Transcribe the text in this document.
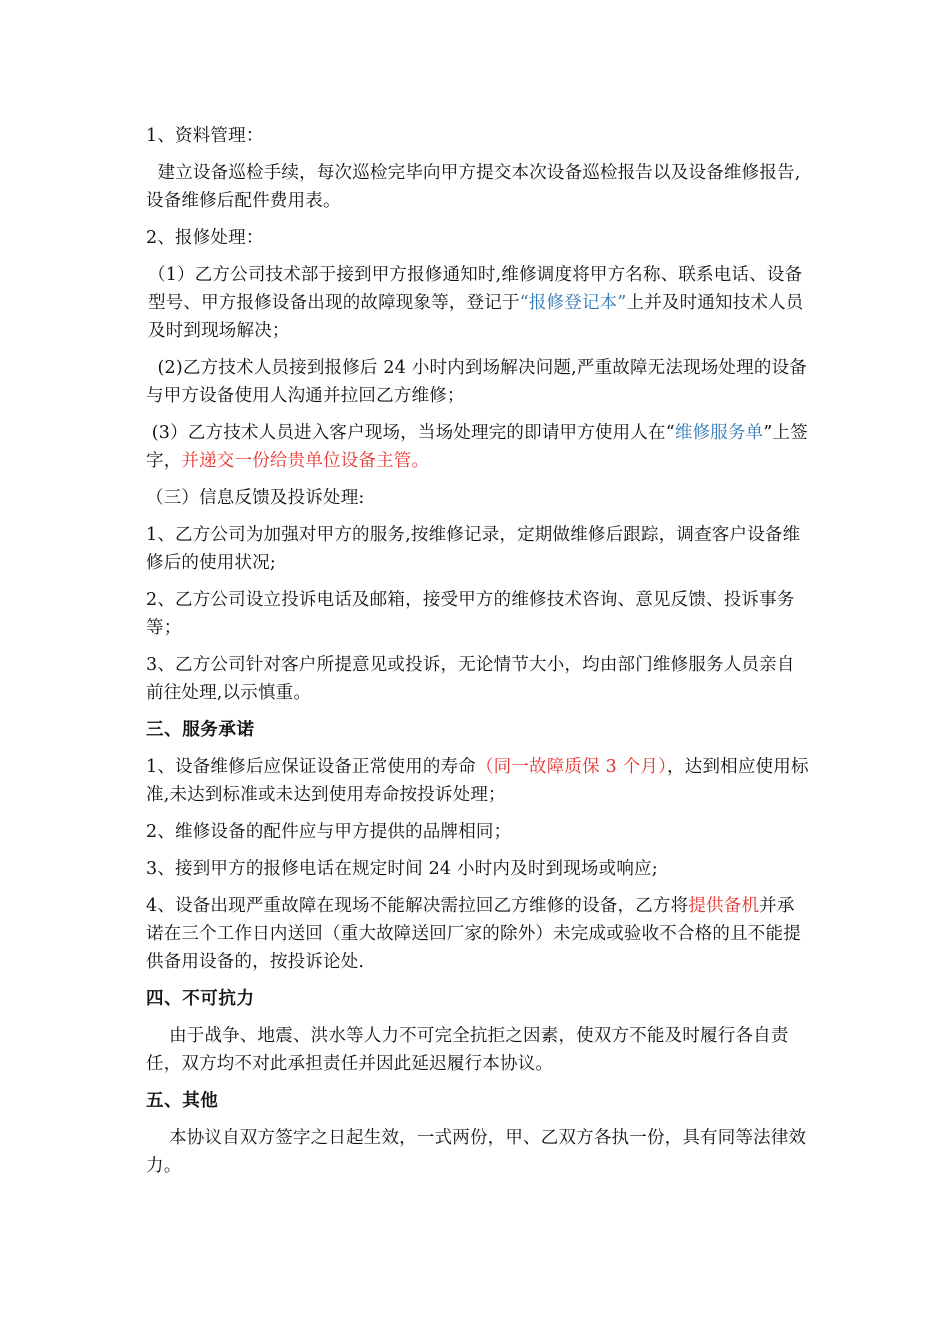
1、资料管理：

建立设备巡检手续，每次巡检完毕向甲方提交本次设备巡检报告以及设备维修报告,设备维修后配件费用表。

2、报修处理：

（1）乙方公司技术部于接到甲方报修通知时,维修调度将甲方名称、联系电话、设备型号、甲方报修设备出现的故障现象等，登记于“报修登记本”上并及时通知技术人员及时到现场解决；

(2)乙方技术人员接到报修后 24 小时内到场解决问题,严重故障无法现场处理的设备与甲方设备使用人沟通并拉回乙方维修；

(3）乙方技术人员进入客户现场，当场处理完的即请甲方使用人在“维修服务单”上签字，并递交一份给贵单位设备主管。

（三）信息反馈及投诉处理:

1、乙方公司为加强对甲方的服务,按维修记录，定期做维修后跟踪，调查客户设备维修后的使用状况;

2、乙方公司设立投诉电话及邮箱，接受甲方的维修技术咨询、意见反馈、投诉事务等；

3、乙方公司针对客户所提意见或投诉，无论情节大小，均由部门维修服务人员亲自前往处理,以示慎重。

三、服务承诺

1、设备维修后应保证设备正常使用的寿命（同一故障质保 3 个月），达到相应使用标准,未达到标准或未达到使用寿命按投诉处理；

2、维修设备的配件应与甲方提供的品牌相同；

3、接到甲方的报修电话在规定时间 24 小时内及时到现场或响应;

4、设备出现严重故障在现场不能解决需拉回乙方维修的设备，乙方将提供备机并承诺在三个工作日内送回（重大故障送回厂家的除外）未完成或验收不合格的且不能提供备用设备的，按投诉论处.

四、不可抗力

由于战争、地震、洪水等人力不可完全抗拒之因素，使双方不能及时履行各自责任，双方均不对此承担责任并因此延迟履行本协议。

五、其他

本协议自双方签字之日起生效，一式两份，甲、乙双方各执一份，具有同等法律效力。
